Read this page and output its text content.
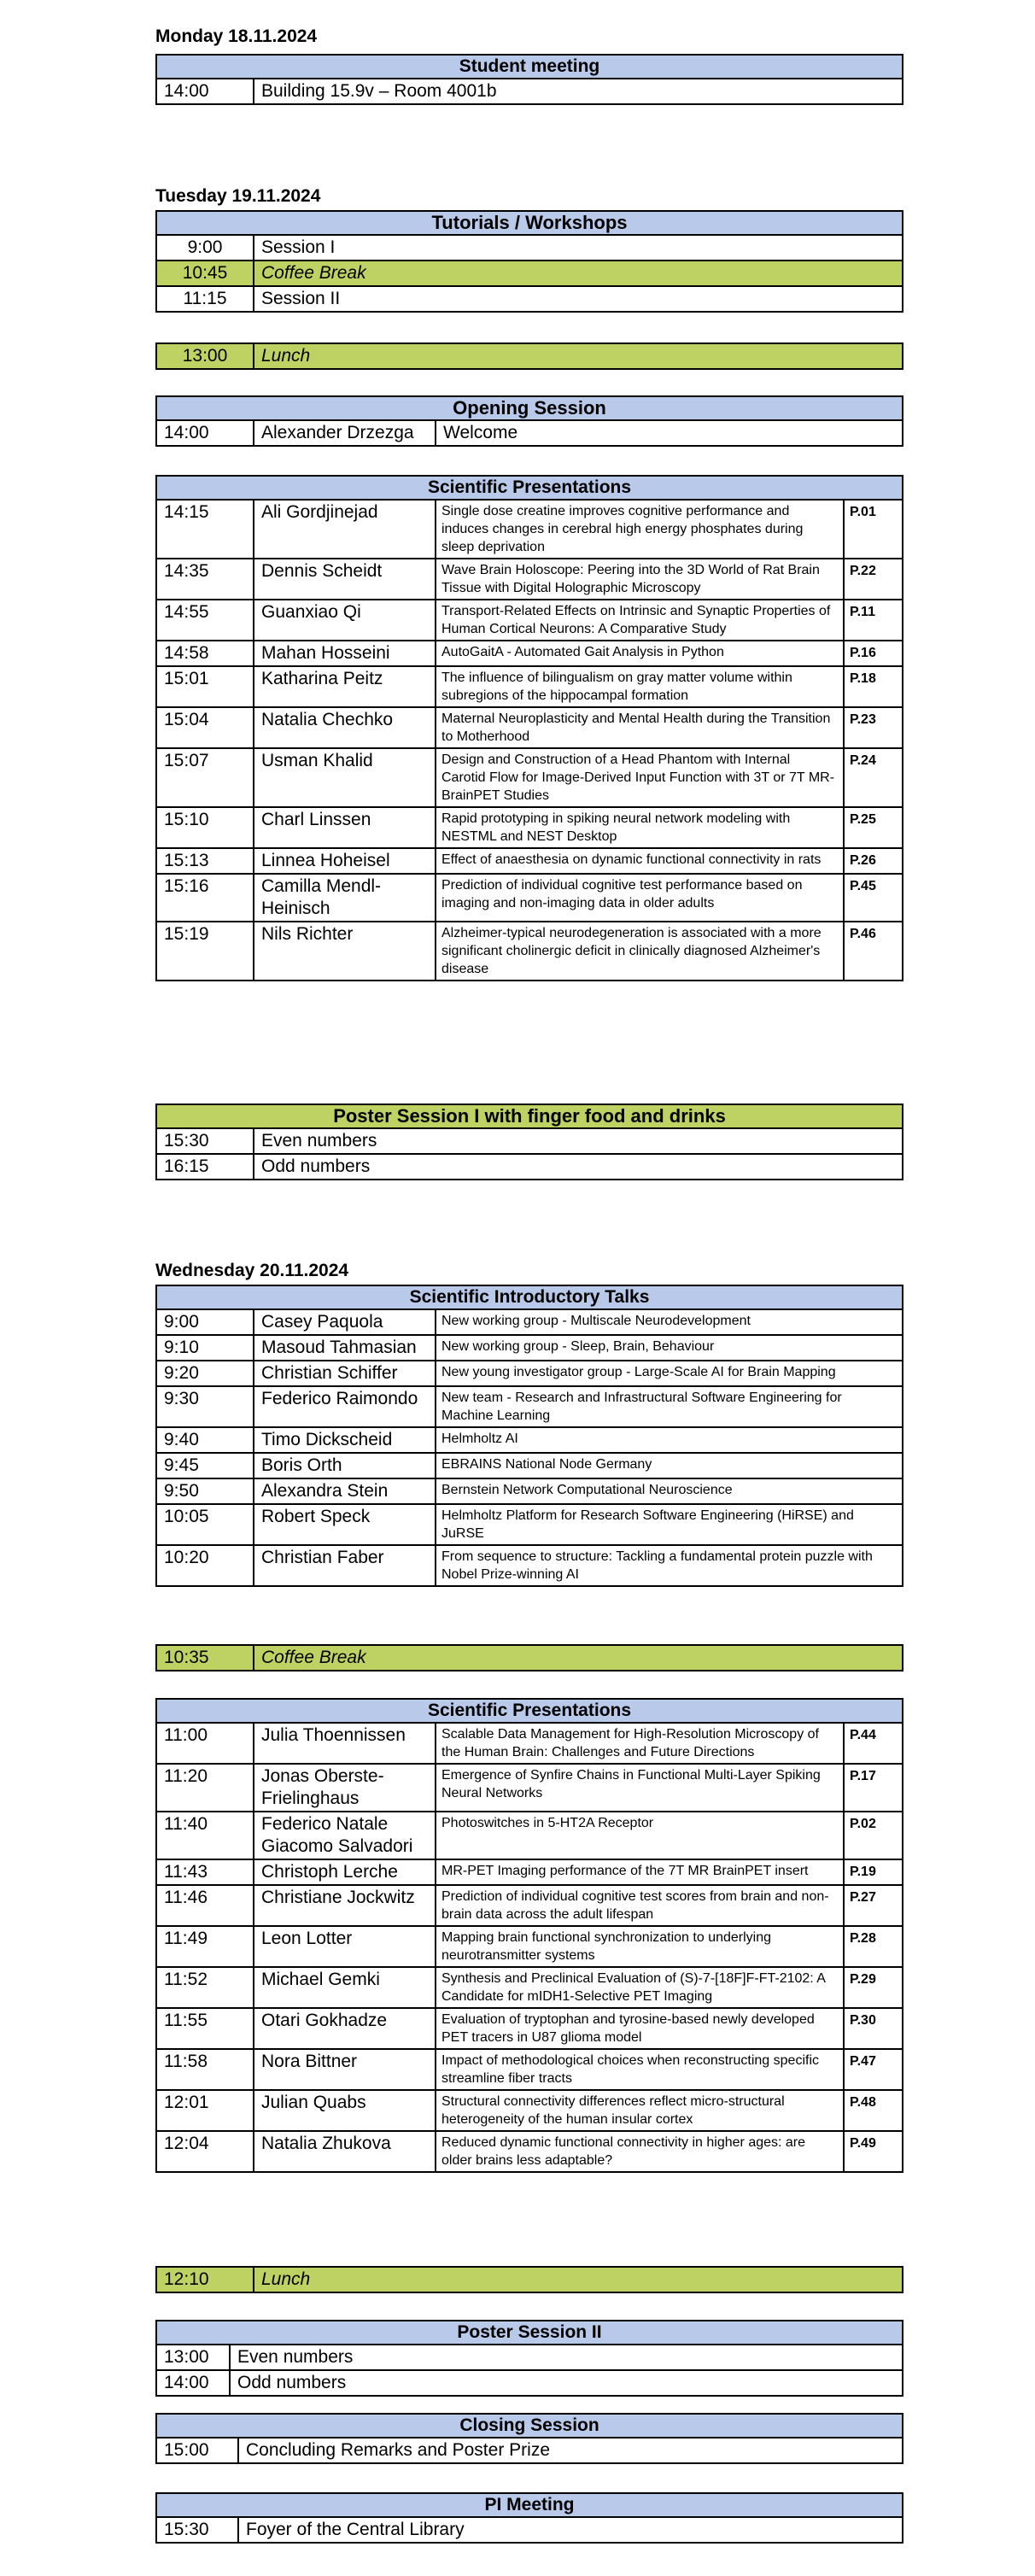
Monday 18.11.2024
Student meeting
14:00	Building 15.9v – Room 4001b
Tuesday 19.11.2024
Tutorials / Workshops	
9:00	Session I
10:45	Coffee Break
11:15	Session II
13:00	Lunch
Opening Session
14:00	Alexander Drzezga	Welcome
Scientific Presentations			
14:15	Ali Gordjinejad	Single dose creatine improves cognitive performance and induces changes in cerebral high energy phosphates during sleep deprivation	P.01
14:35	Dennis Scheidt	Wave Brain Holoscope: Peering into the 3D World of Rat Brain Tissue with Digital Holographic Microscopy	P.22
14:55	Guanxiao Qi	Transport-Related Effects on Intrinsic and Synaptic Properties of Human Cortical Neurons: A Comparative Study	P.11
14:58	Mahan Hosseini	AutoGaitA - Automated Gait Analysis in Python	P.16
15:01	Katharina Peitz	The influence of bilingualism on gray matter volume within subregions of the hippocampal formation	P.18
15:04	Natalia Chechko	Maternal Neuroplasticity and Mental Health during the Transition to Motherhood	P.23
15:07	Usman Khalid	Design and Construction of a Head Phantom with Internal Carotid Flow for Image-Derived Input Function with 3T or 7T MR-BrainPET Studies	P.24
15:10	Charl Linssen	Rapid prototyping in spiking neural network modeling with NESTML and NEST Desktop	P.25
15:13	Linnea Hoheisel	Effect of anaesthesia on dynamic functional connectivity in rats	P.26
15:16	Camilla Mendl-Heinisch	Prediction of individual cognitive test performance based on imaging and non-imaging data in older adults	P.45
15:19	Nils Richter	Alzheimer-typical neurodegeneration is associated with a more significant cholinergic deficit in clinically diagnosed Alzheimer's disease	P.46
Poster Session I with finger food and drinks	
15:30	Even numbers
16:15	Odd numbers
Wednesday 20.11.2024
Scientific Introductory Talks		
9:00	Casey Paquola	New working group - Multiscale Neurodevelopment
9:10	Masoud Tahmasian	New working group - Sleep, Brain, Behaviour
9:20	Christian Schiffer	New young investigator group - Large-Scale AI for Brain Mapping
9:30	Federico Raimondo	New team - Research and Infrastructural Software Engineering for Machine Learning
9:40	Timo Dickscheid	Helmholtz AI
9:45	Boris Orth	EBRAINS National Node Germany
9:50	Alexandra Stein	Bernstein Network Computational Neuroscience
10:05	Robert Speck	Helmholtz Platform for Research Software Engineering (HiRSE) and JuRSE
10:20	Christian Faber	From sequence to structure: Tackling a fundamental protein puzzle with Nobel Prize-winning AI
10:35	Coffee Break
Scientific Presentations			
11:00	Julia Thoennissen	Scalable Data Management for High-Resolution Microscopy of the Human Brain: Challenges and Future Directions	P.44
11:20	Jonas Oberste-Frielinghaus	Emergence of Synfire Chains in Functional Multi-Layer Spiking Neural Networks	P.17
11:40	Federico Natale Giacomo Salvadori	Photoswitches in 5-HT2A Receptor	P.02
11:43	Christoph Lerche	MR-PET Imaging performance of the 7T MR BrainPET insert	P.19
11:46	Christiane Jockwitz	Prediction of individual cognitive test scores from brain and non-brain data across the adult lifespan	P.27
11:49	Leon Lotter	Mapping brain functional synchronization to underlying neurotransmitter systems	P.28
11:52	Michael Gemki	Synthesis and Preclinical Evaluation of (S)-7-[18F]F-FT-2102: A Candidate for mIDH1-Selective PET Imaging	P.29
11:55	Otari Gokhadze	Evaluation of tryptophan and tyrosine-based newly developed PET tracers in U87 glioma model	P.30
11:58	Nora Bittner	Impact of methodological choices when reconstructing specific streamline fiber tracts	P.47
12:01	Julian Quabs	Structural connectivity differences reflect micro-structural heterogeneity of the human insular cortex	P.48
12:04	Natalia Zhukova	Reduced dynamic functional connectivity in higher ages: are older brains less adaptable?	P.49
12:10	Lunch
Poster Session II	
13:00	Even numbers
14:00	Odd numbers
Closing Session
15:00	Concluding Remarks and Poster Prize
PI Meeting
15:30	Foyer of the Central Library
